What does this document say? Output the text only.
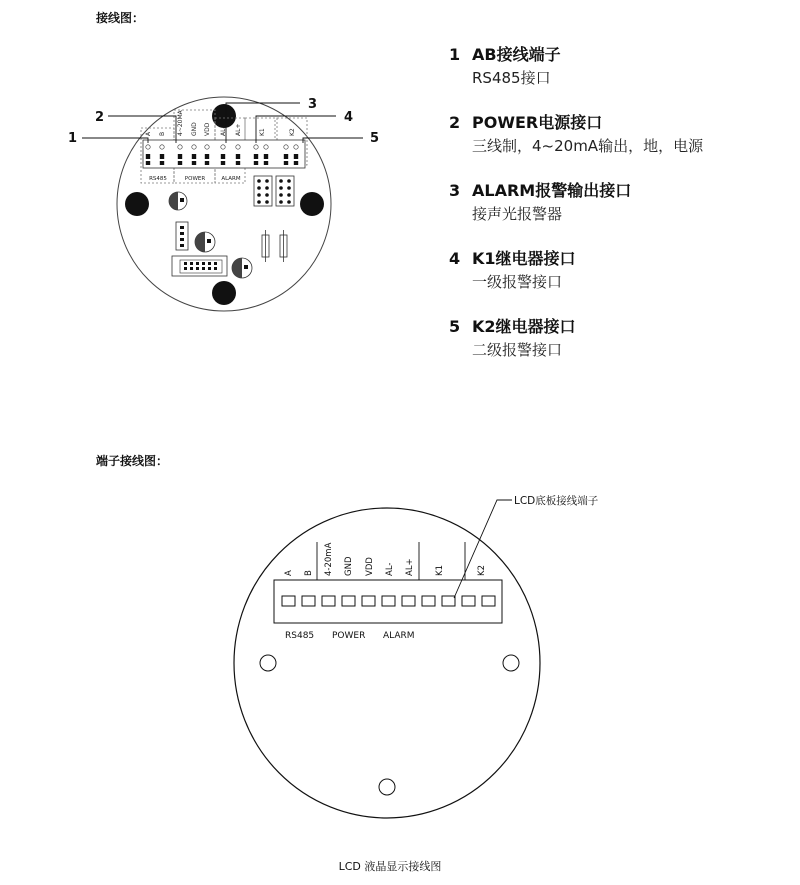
接线图：
端子接线图：
A B 4~20MA GND VDD AL- AL+	K1	K2
RS485	POWER	ALARM
1
2
3
4
5
1 AB接线端子
RS485接口
2 POWER电源接口
三线制，4~20mA输出，地，电源
3 ALARM报警输出接口
接声光报警器
4 K1继电器接口
一级报警接口
5 K2继电器接口
二级报警接口
A B 4-20mA GND VDD AL- AL+ K1	K2
RS485 POWER ALARM
LCD底板接线端子
LCD 液晶显示接线图
